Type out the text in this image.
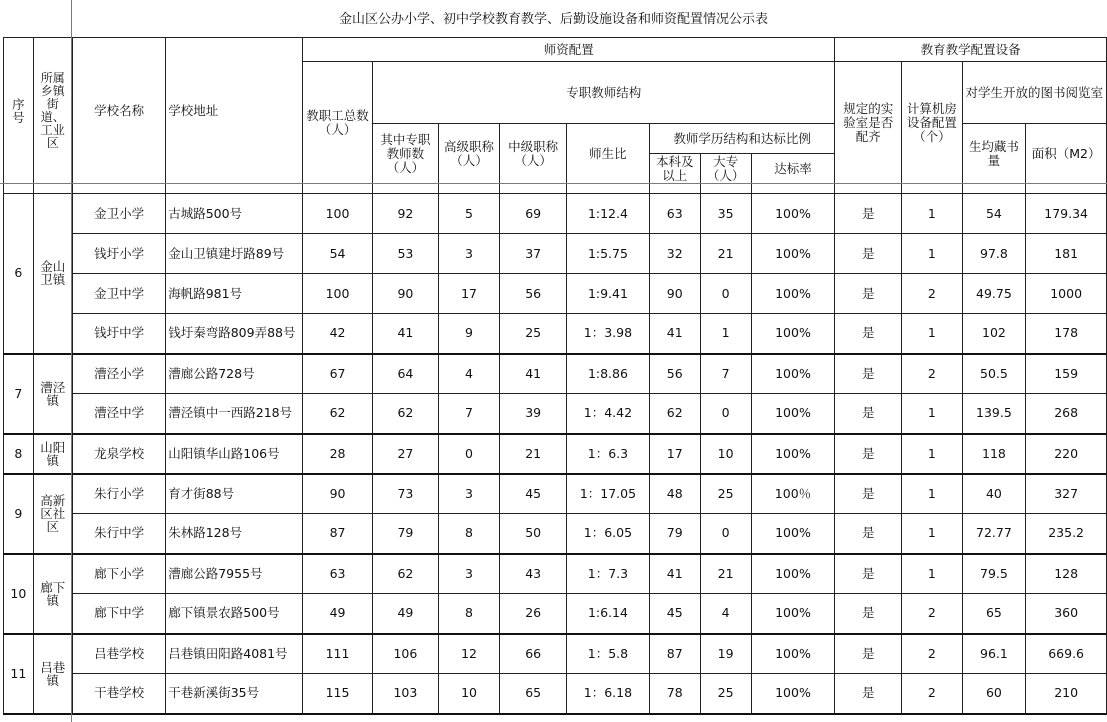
金山区公办小学、初中学校教育教学、后勤设施设备和师资配置情况公示表
序号	所属乡镇街道、工业区	学校名称	学校地址	师资配置								教育教学配置设备			
				教职工总数（人）	专职教师结构							规定的实验室是否配齐	计算机房设备配置（个）	对学生开放的图书阅览室	
					其中专职教师数（人）	高级职称（人）	中级职称（人）	师生比	教师学历结构和达标比例					生均藏书量	面积（M2）
									本科及以上	大专（人）	达标率				

6	金山卫镇	金卫小学	古城路500号	100	92	5	69	1:12.4	63	35	100%	是	1	54	179.34
		钱圩小学	金山卫镇建圩路89号	54	53	3	37	1:5.75	32	21	100%	是	1	97.8	181
		金卫中学	海帆路981号	100	90	17	56	1:9.41	90	0	100%	是	2	49.75	1000
		钱圩中学	钱圩秦弯路809弄88号	42	41	9	25	1：3.98	41	1	100%	是	1	102	178
7	漕泾镇	漕泾小学	漕廊公路728号	67	64	4	41	1:8.86	56	7	100%	是	2	50.5	159
		漕泾中学	漕泾镇中一西路218号	62	62	7	39	1：4.42	62	0	100%	是	1	139.5	268
8	山阳镇	龙泉学校	山阳镇华山路106号	28	27	0	21	1：6.3	17	10	100%	是	1	118	220
9	高新区社区	朱行小学	育才街88号	90	73	3	45	1：17.05	48	25	100％	是	1	40	327
		朱行中学	朱林路128号	87	79	8	50	1：6.05	79	0	100%	是	1	72.77	235.2
10	廊下镇	廊下小学	漕廊公路7955号	63	62	3	43	1：7.3	41	21	100%	是	1	79.5	128
		廊下中学	廊下镇景农路500号	49	49	8	26	1:6.14	45	4	100%	是	2	65	360
11	吕巷镇	吕巷学校	吕巷镇田阳路4081号	111	106	12	66	1：5.8	87	19	100%	是	2	96.1	669.6
		干巷学校	干巷新溪街35号	115	103	10	65	1：6.18	78	25	100%	是	2	60	210
